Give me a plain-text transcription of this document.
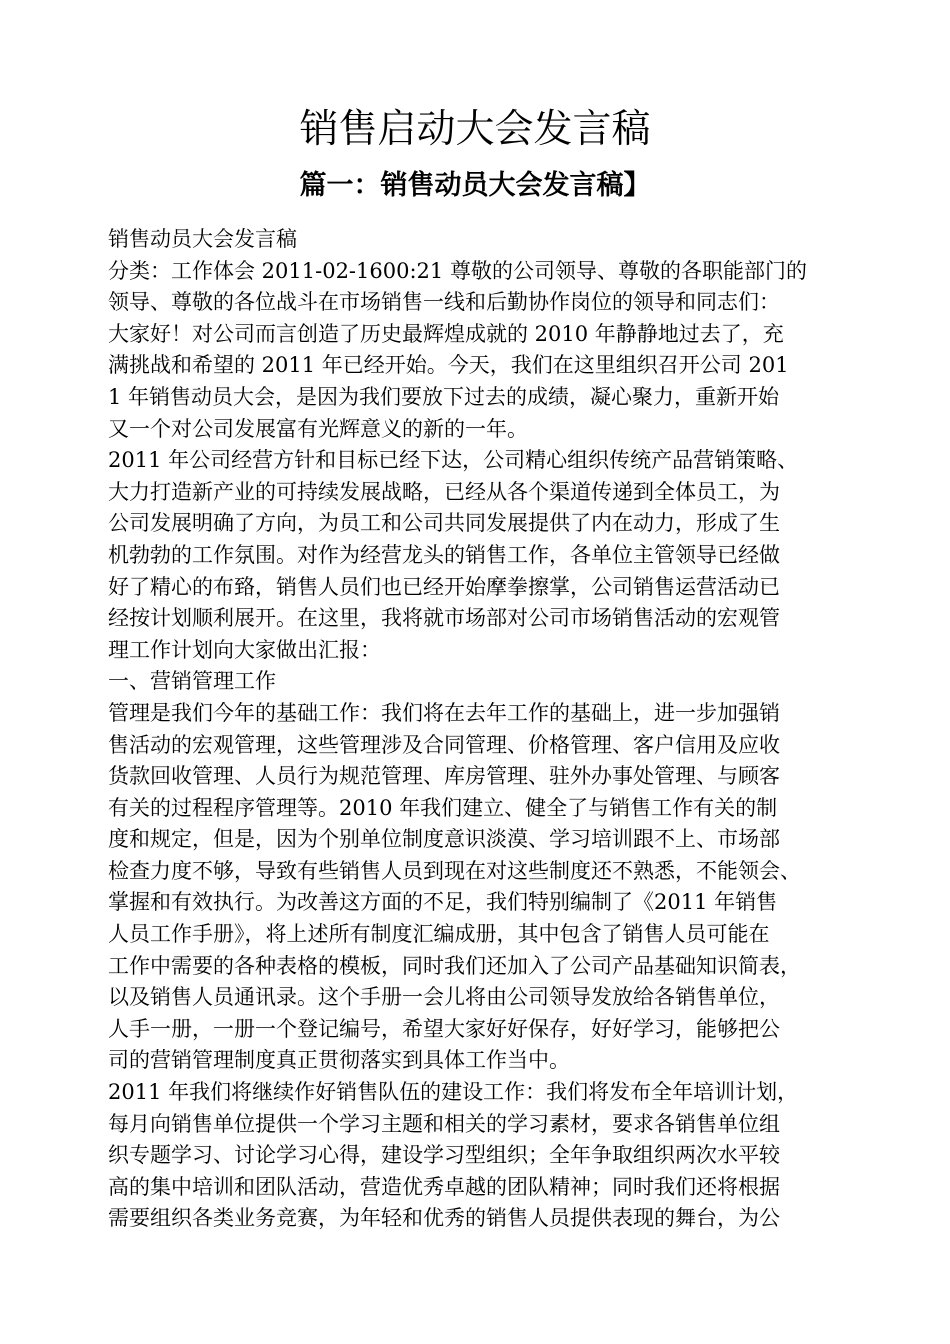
销售启动大会发言稿
篇一：销售动员大会发言稿】
销售动员大会发言稿
分类：工作体会 2011-02-1600:21 尊敬的公司领导、尊敬的各职能部门的
领导、尊敬的各位战斗在市场销售一线和后勤协作岗位的领导和同志们：
大家好！对公司而言创造了历史最辉煌成就的 2010 年静静地过去了，充
满挑战和希望的 2011 年已经开始。今天，我们在这里组织召开公司 201
1 年销售动员大会，是因为我们要放下过去的成绩，凝心聚力，重新开始
又一个对公司发展富有光辉意义的新的一年。
2011 年公司经营方针和目标已经下达，公司精心组织传统产品营销策略、
大力打造新产业的可持续发展战略，已经从各个渠道传递到全体员工，为
公司发展明确了方向，为员工和公司共同发展提供了内在动力，形成了生
机勃勃的工作氛围。对作为经营龙头的销售工作，各单位主管领导已经做
好了精心的布臵，销售人员们也已经开始摩拳擦掌，公司销售运营活动已
经按计划顺利展开。在这里，我将就市场部对公司市场销售活动的宏观管
理工作计划向大家做出汇报：
一、营销管理工作
管理是我们今年的基础工作：我们将在去年工作的基础上，进一步加强销
售活动的宏观管理，这些管理涉及合同管理、价格管理、客户信用及应收
货款回收管理、人员行为规范管理、库房管理、驻外办事处管理、与顾客
有关的过程程序管理等。2010 年我们建立、健全了与销售工作有关的制
度和规定，但是，因为个别单位制度意识淡漠、学习培训跟不上、市场部
检查力度不够，导致有些销售人员到现在对这些制度还不熟悉，不能领会、
掌握和有效执行。为改善这方面的不足，我们特别编制了《2011 年销售
人员工作手册》，将上述所有制度汇编成册，其中包含了销售人员可能在
工作中需要的各种表格的模板，同时我们还加入了公司产品基础知识简表，
以及销售人员通讯录。这个手册一会儿将由公司领导发放给各销售单位，
人手一册，一册一个登记编号，希望大家好好保存，好好学习，能够把公
司的营销管理制度真正贯彻落实到具体工作当中。
2011 年我们将继续作好销售队伍的建设工作：我们将发布全年培训计划，
每月向销售单位提供一个学习主题和相关的学习素材，要求各销售单位组
织专题学习、讨论学习心得，建设学习型组织；全年争取组织两次水平较
高的集中培训和团队活动，营造优秀卓越的团队精神；同时我们还将根据
需要组织各类业务竞赛，为年轻和优秀的销售人员提供表现的舞台，为公
